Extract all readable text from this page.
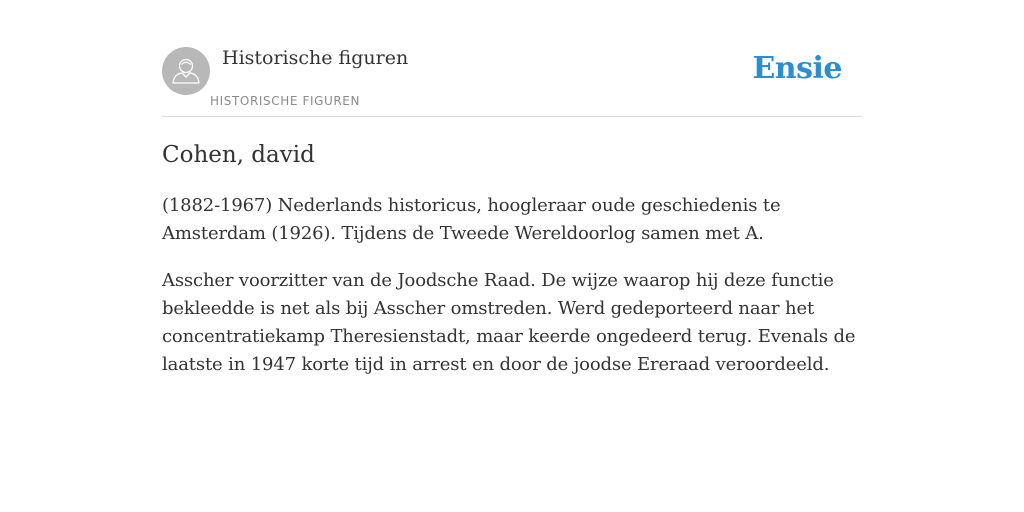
Historische figuren
HISTORISCHE FIGUREN
Ensie
Cohen, david

(1882-1967) Nederlands historicus, hoogleraar oude geschiedenis te Amsterdam (1926). Tijdens de Tweede Wereldoorlog samen met A.

Asscher voorzitter van de Joodsche Raad. De wijze waarop hij deze functie bekleedde is net als bij Asscher omstreden. Werd gedeporteerd naar het concentratiekamp Theresienstadt, maar keerde ongedeerd terug. Evenals de laatste in 1947 korte tijd in arrest en door de joodse Ereraad veroordeeld.
